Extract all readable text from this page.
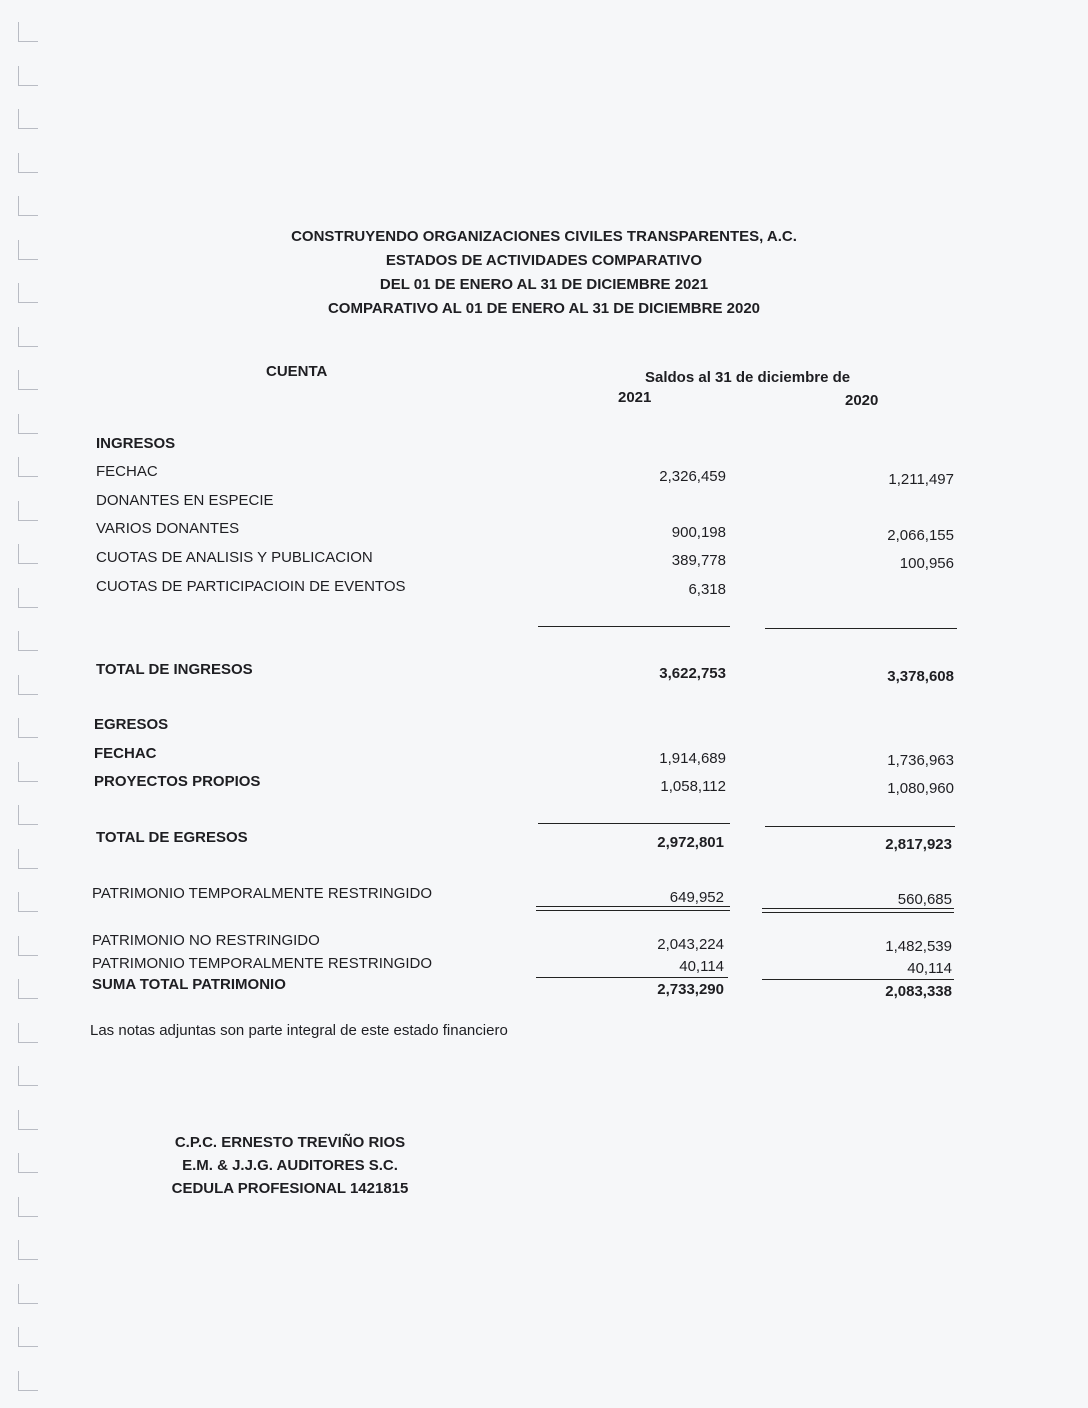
CONSTRUYENDO ORGANIZACIONES CIVILES TRANSPARENTES, A.C.
ESTADOS DE ACTIVIDADES COMPARATIVO
DEL 01 DE ENERO AL 31 DE DICIEMBRE 2021
COMPARATIVO AL 01 DE ENERO AL 31 DE DICIEMBRE 2020
CUENTA	Saldos al 31 de diciembre de
2021	2020
INGRESOS
FECHAC	2,326,459	1,211,497
DONANTES EN ESPECIE
VARIOS DONANTES	900,198	2,066,155
CUOTAS DE ANALISIS Y PUBLICACION	389,778	100,956
CUOTAS DE PARTICIPACIOIN DE EVENTOS	6,318
TOTAL DE INGRESOS	3,622,753	3,378,608
EGRESOS
FECHAC	1,914,689	1,736,963
PROYECTOS PROPIOS	1,058,112	1,080,960
TOTAL DE EGRESOS	2,972,801	2,817,923
PATRIMONIO TEMPORALMENTE RESTRINGIDO	649,952	560,685
PATRIMONIO NO RESTRINGIDO	2,043,224	1,482,539
PATRIMONIO TEMPORALMENTE RESTRINGIDO	40,114	40,114
SUMA TOTAL PATRIMONIO	2,733,290	2,083,338
Las notas adjuntas son parte integral de este estado financiero
C.P.C. ERNESTO TREVIÑO RIOS
E.M. & J.J.G. AUDITORES S.C.
CEDULA PROFESIONAL 1421815
